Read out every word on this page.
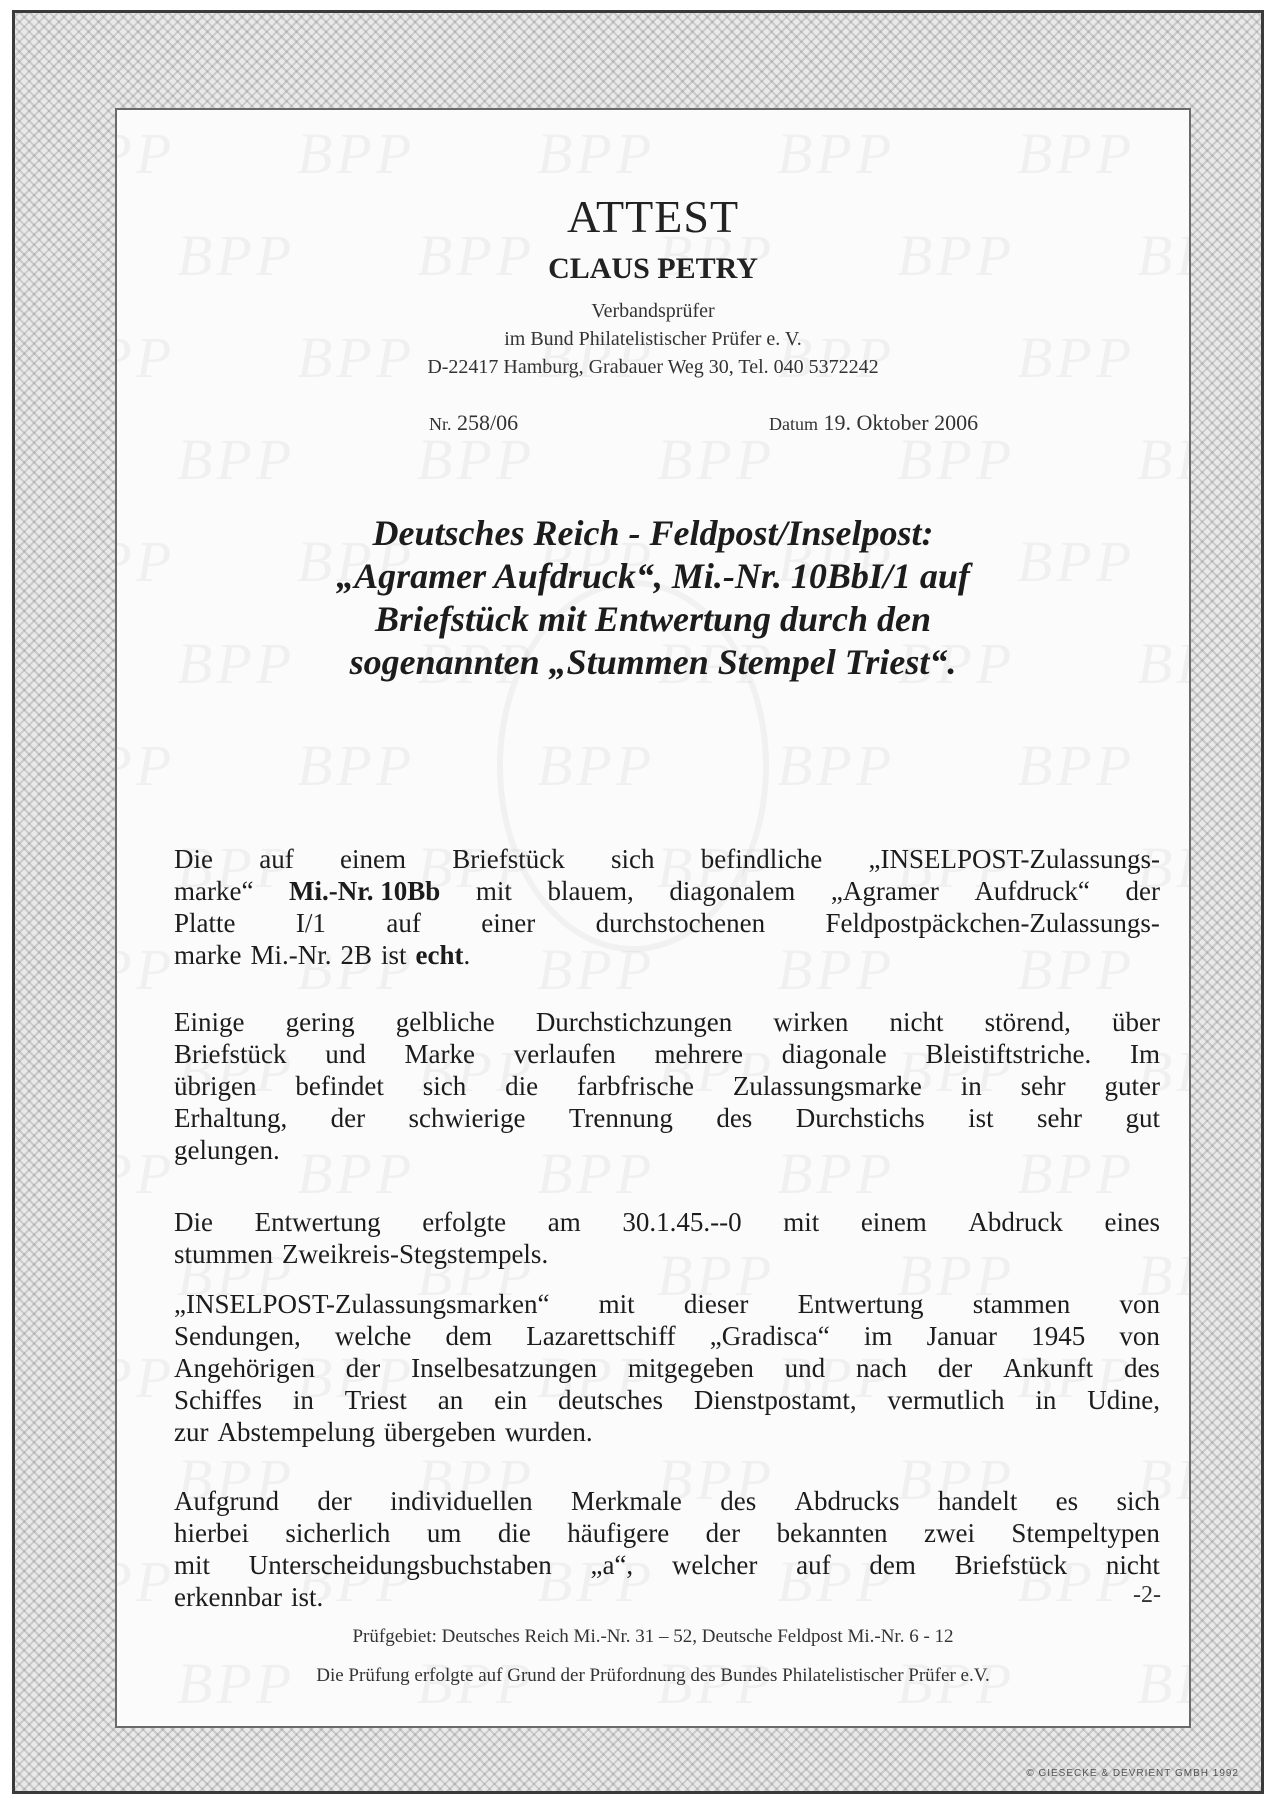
ATTEST
CLAUS PETRY
Verbandsprüfer
im Bund Philatelistischer Prüfer e. V.
D-22417 Hamburg, Grabauer Weg 30, Tel. 040 5372242
Nr. 258/06	Datum 19. Oktober 2006
Deutsches Reich - Feldpost/Inselpost:
„Agramer Aufdruck“, Mi.-Nr. 10BbI/1 auf
Briefstück mit Entwertung durch den
sogenannten „Stummen Stempel Triest“.
Die auf einem Briefstück sich befindliche „INSELPOST-Zulassungs-
marke“ Mi.-Nr. 10Bb mit blauem, diagonalem „Agramer Aufdruck“ der
Platte I/1 auf einer durchstochenen Feldpostpäckchen-Zulassungs-
marke Mi.-Nr. 2B ist echt .
Einige gering gelbliche Durchstichzungen wirken nicht störend, über
Briefstück und Marke verlaufen mehrere diagonale Bleistiftstriche. Im
übrigen befindet sich die farbfrische Zulassungsmarke in sehr guter
Erhaltung, der schwierige Trennung des Durchstichs ist sehr gut
gelungen.
Die Entwertung erfolgte am 30.1.45.--0 mit einem Abdruck eines
stummen Zweikreis-Stegstempels.
„INSELPOST-Zulassungsmarken“ mit dieser Entwertung stammen von
Sendungen, welche dem Lazarettschiff „Gradisca“ im Januar 1945 von
Angehörigen der Inselbesatzungen mitgegeben und nach der Ankunft des
Schiffes in Triest an ein deutsches Dienstpostamt, vermutlich in Udine,
zur Abstempelung übergeben wurden.
Aufgrund der individuellen Merkmale des Abdrucks handelt es sich
hierbei sicherlich um die häufigere der bekannten zwei Stempeltypen
mit Unterscheidungsbuchstaben „a“, welcher auf dem Briefstück nicht
erkennbar ist.	-2-
Prüfgebiet: Deutsches Reich Mi.-Nr. 31 – 52, Deutsche Feldpost Mi.-Nr. 6 - 12
Die Prüfung erfolgte auf Grund der Prüfordnung des Bundes Philatelistischer Prüfer e.V.
© GIESECKE & DEVRIENT GMBH 1992
